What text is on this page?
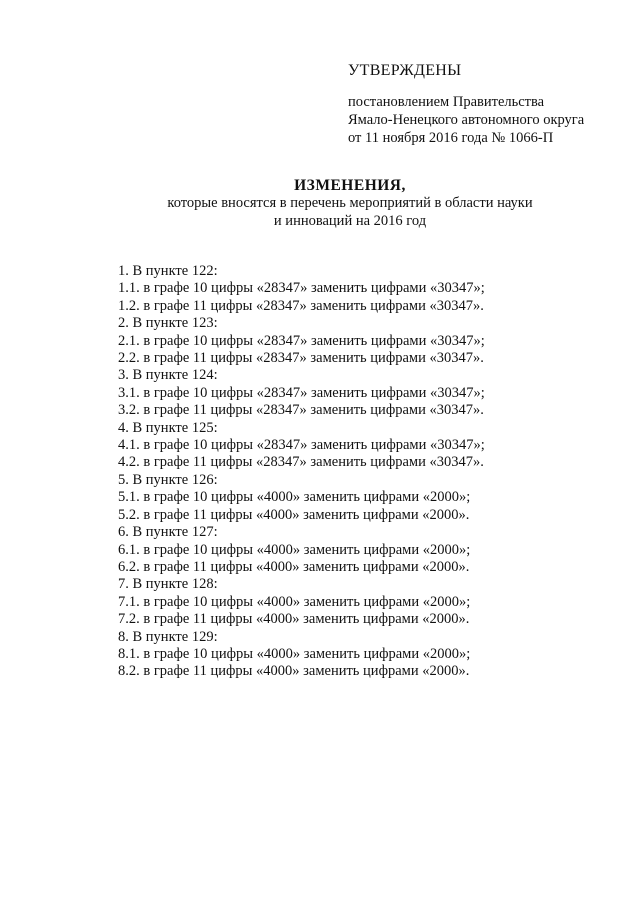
УТВЕРЖДЕНЫ
постановлением Правительства
Ямало-Ненецкого автономного округа
от 11 ноября 2016 года № 1066-П
ИЗМЕНЕНИЯ,
которые вносятся в перечень мероприятий в области науки
и инноваций на 2016 год
1. В пункте 122:
1.1. в графе 10 цифры «28347» заменить цифрами «30347»;
1.2. в графе 11 цифры «28347» заменить цифрами «30347».
2. В пункте 123:
2.1. в графе 10 цифры «28347» заменить цифрами «30347»;
2.2. в графе 11 цифры «28347» заменить цифрами «30347».
3. В пункте 124:
3.1. в графе 10 цифры «28347» заменить цифрами «30347»;
3.2. в графе 11 цифры «28347» заменить цифрами «30347».
4. В пункте 125:
4.1. в графе 10 цифры «28347» заменить цифрами «30347»;
4.2. в графе 11 цифры «28347» заменить цифрами «30347».
5. В пункте 126:
5.1. в графе 10 цифры «4000» заменить цифрами «2000»;
5.2. в графе 11 цифры «4000» заменить цифрами «2000».
6. В пункте 127:
6.1. в графе 10 цифры «4000» заменить цифрами «2000»;
6.2. в графе 11 цифры «4000» заменить цифрами «2000».
7. В пункте 128:
7.1. в графе 10 цифры «4000» заменить цифрами «2000»;
7.2. в графе 11 цифры «4000» заменить цифрами «2000».
8. В пункте 129:
8.1. в графе 10 цифры «4000» заменить цифрами «2000»;
8.2. в графе 11 цифры «4000» заменить цифрами «2000».
